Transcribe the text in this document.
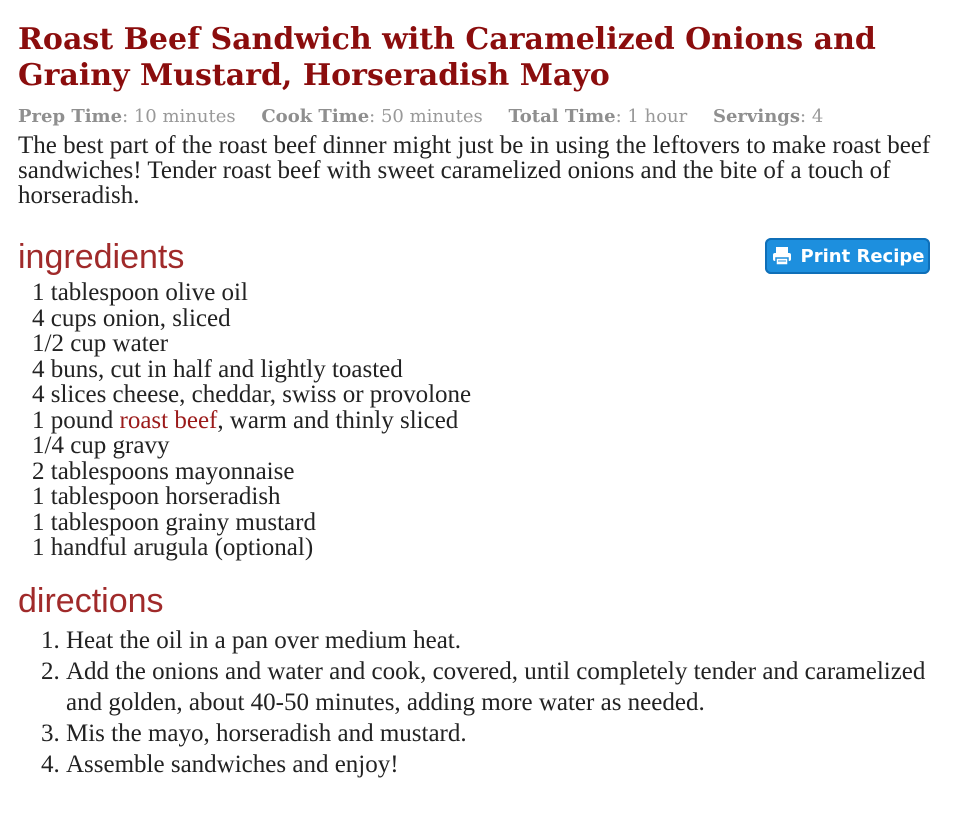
Roast Beef Sandwich with Caramelized Onions and Grainy Mustard, Horseradish Mayo
Prep Time: 10 minutes Cook Time: 50 minutes Total Time: 1 hour Servings: 4

The best part of the roast beef dinner might just be in using the leftovers to make roast beef sandwiches! Tender roast beef with sweet caramelized onions and the bite of a touch of horseradish.

ingredients	Print Recipe
1 tablespoon olive oil
4 cups onion, sliced
1/2 cup water
4 buns, cut in half and lightly toasted
4 slices cheese, cheddar, swiss or provolone
1 pound roast beef, warm and thinly sliced
1/4 cup gravy
2 tablespoons mayonnaise
1 tablespoon horseradish
1 tablespoon grainy mustard
1 handful arugula (optional)
directions
1. Heat the oil in a pan over medium heat.
2. Add the onions and water and cook, covered, until completely tender and caramelized and golden, about 40-50 minutes, adding more water as needed.
3. Mis the mayo, horseradish and mustard.
4. Assemble sandwiches and enjoy!
